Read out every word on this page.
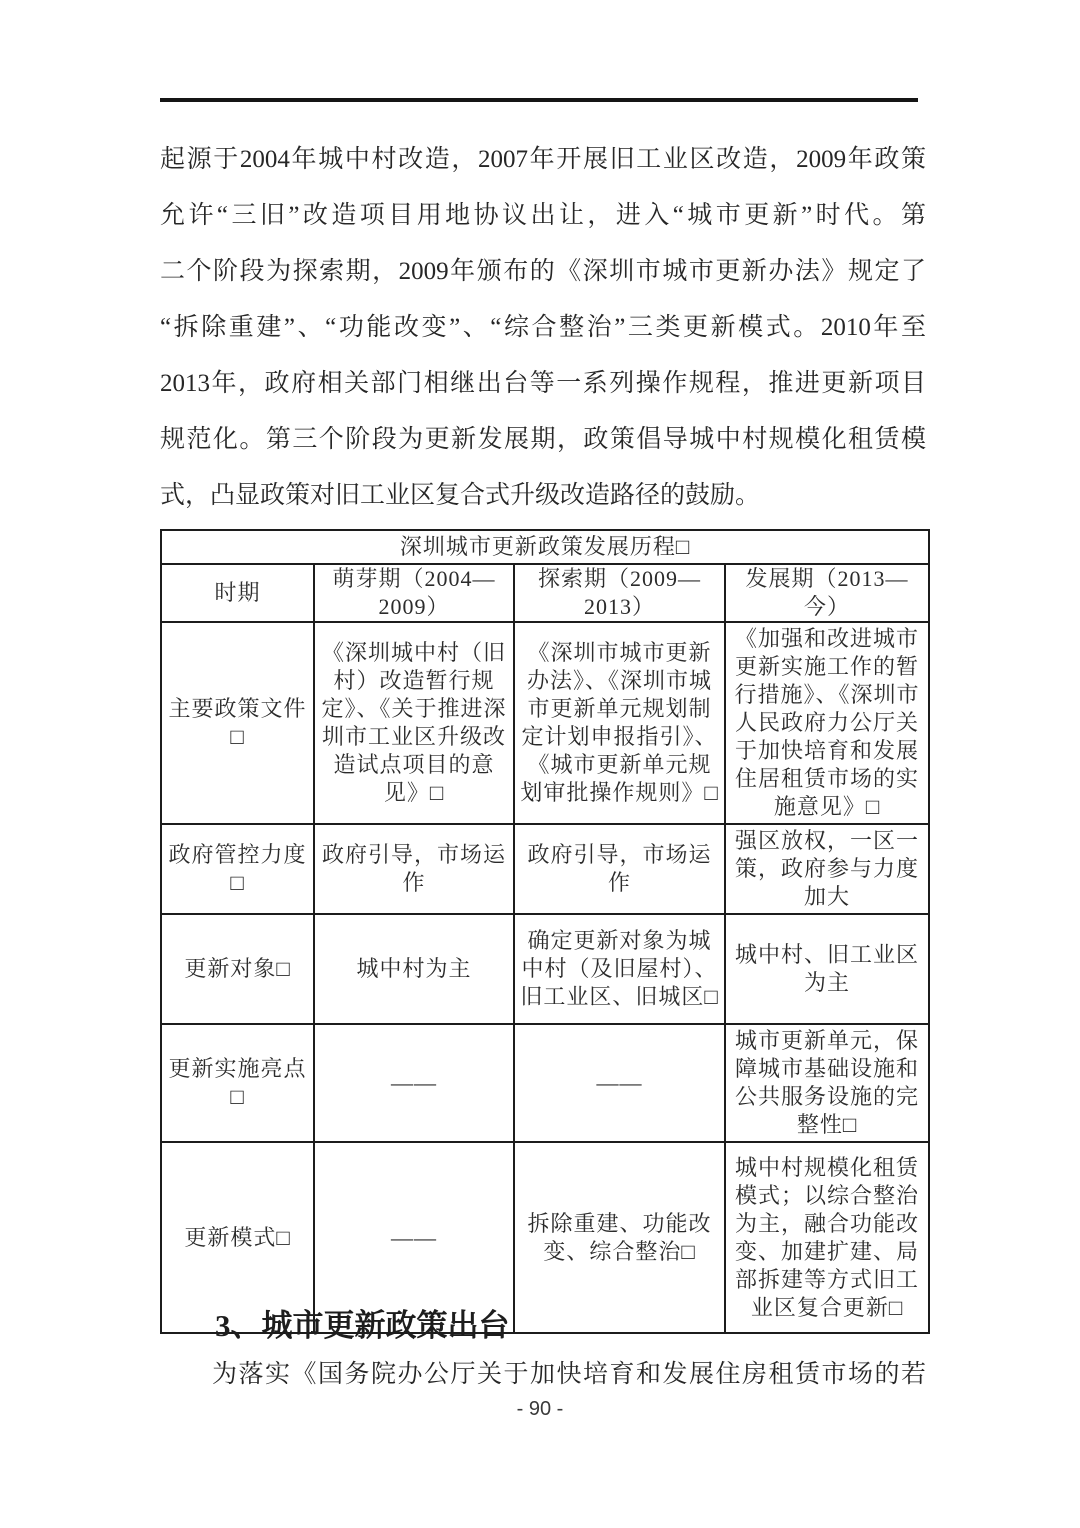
起源于2004年城中村改造，2007年开展旧工业区改造，2009年政策
允许“三旧”改造项目用地协议出让，进入“城市更新”时代。第
二个阶段为探索期，2009年颁布的《深圳市城市更新办法》规定了
“拆除重建”、“功能改变”、“综合整治”三类更新模式。2010年至
2013年，政府相关部门相继出台等一系列操作规程，推进更新项目
规范化。第三个阶段为更新发展期，政策倡导城中村规模化租赁模
式，凸显政策对旧工业区复合式升级改造路径的鼓励。
深圳城市更新政策发展历程□			
时期	萌芽期（2004—2009）	探索期（2009—2013）	发展期（2013—今）
主要政策文件□	《深圳城中村（旧村）改造暂行规定》、《关于推进深圳市工业区升级改造试点项目的意见》□	《深圳市城市更新办法》、《深圳市城市更新单元规划制定计划申报指引》、《城市更新单元规划审批操作规则》□	《加强和改进城市更新实施工作的暂行措施》、《深圳市人民政府力公厅关于加快培育和发展住居租赁市场的实施意见》□
政府管控力度□	政府引导，市场运作	政府引导，市场运作	强区放权，一区一策，政府参与力度加大
更新对象□	城中村为主	确定更新对象为城中村（及旧屋村）、旧工业区、旧城区□	城中村、旧工业区为主
更新实施亮点□	——	——	城市更新单元，保障城市基础设施和公共服务设施的完整性□
更新模式□	——	拆除重建、功能改变、综合整治□	城中村规模化租赁模式；以综合整治为主，融合功能改变、加建扩建、局部拆建等方式旧工业区复合更新□
3、城市更新政策出台
为落实《国务院办公厅关于加快培育和发展住房租赁市场的若
- 90 -
